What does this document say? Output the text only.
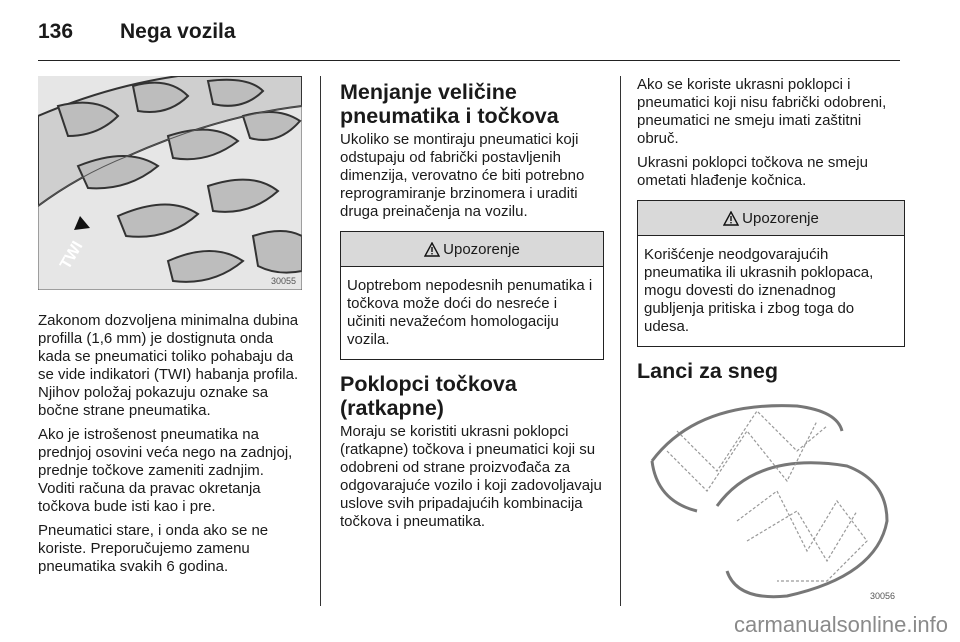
136 Nega vozila
TWI
30055

Zakonom dozvoljena minimalna dubina profilla (1,6 mm) je dostignuta onda kada se pneumatici toliko pohabaju da se vide indikatori (TWI) habanja profila. Njihov položaj pokazuju oznake sa bočne strane pneumatika.

Ako je istrošenost pneumatika na prednjoj osovini veća nego na zadnjoj, prednje točkove zameniti zadnjim. Voditi računa da pravac okretanja točkova bude isti kao i pre.

Pneumatici stare, i onda ako se ne koriste. Preporučujemo zamenu pneumatika svakih 6 godina.

Menjanje veličine pneumatika i točkova

Ukoliko se montiraju pneumatici koji odstupaju od fabrički postavljenih dimenzija, verovatno će biti potrebno reprogramiranje brzinomera i uraditi druga preinačenja na vozilu.

Upozorenje
Uoptrebom nepodesnih penumatika i točkova može doći do nesreće i učiniti nevažećom homologaciju vozila.
Poklopci točkova (ratkapne)

Moraju se koristiti ukrasni poklopci (ratkapne) točkova i pneumatici koji su odobreni od strane proizvođača za odgovarajuće vozilo i koji zadovoljavaju uslove svih pripadajućih kombinacija točkova i pneumatika.

Ako se koriste ukrasni poklopci i pneumatici koji nisu fabrički odobreni, pneumatici ne smeju imati zaštitni obruč.

Ukrasni poklopci točkova ne smeju ometati hlađenje kočnica.

Upozorenje
Korišćenje neodgovarajućih pneumatika ili ukrasnih poklopaca, mogu dovesti do iznenadnog gubljenja pritiska i zbog toga do udesa.
Lanci za sneg
30056
carmanualsonline.info
